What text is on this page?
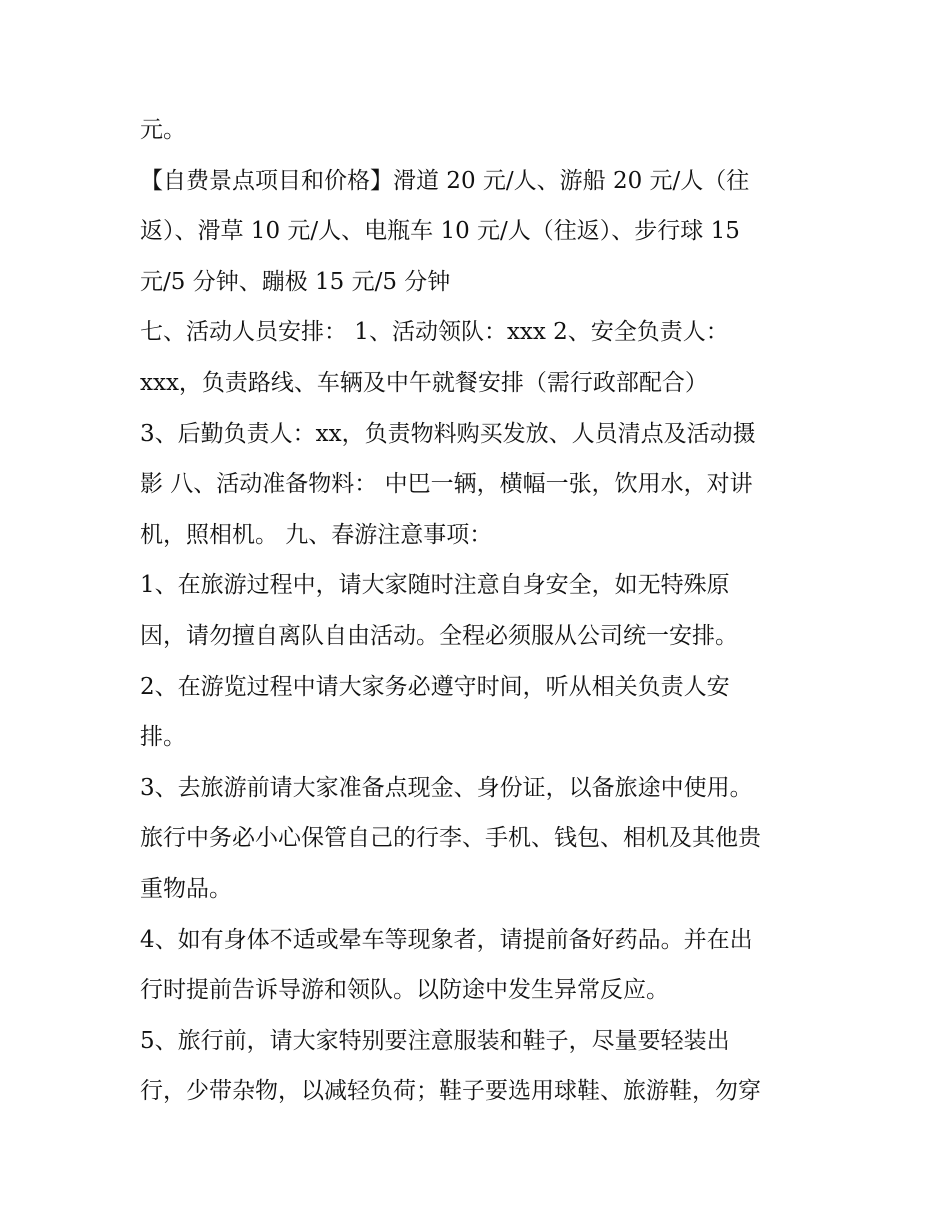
元。
【自费景点项目和价格】滑道 20 元/人、游船 20 元/人（往
返）、滑草 10 元/人、电瓶车 10 元/人（往返）、步行球 15
元/5 分钟、蹦极 15 元/5 分钟
七、活动人员安排： 1、活动领队：xxx 2、安全负责人：
xxx，负责路线、车辆及中午就餐安排（需行政部配合）
3、后勤负责人：xx，负责物料购买发放、人员清点及活动摄
影 八、活动准备物料： 中巴一辆，横幅一张，饮用水，对讲
机，照相机。 九、春游注意事项：
1、在旅游过程中，请大家随时注意自身安全，如无特殊原
因，请勿擅自离队自由活动。全程必须服从公司统一安排。
2、在游览过程中请大家务必遵守时间，听从相关负责人安
排。
3、去旅游前请大家准备点现金、身份证，以备旅途中使用。
旅行中务必小心保管自己的行李、手机、钱包、相机及其他贵
重物品。
4、如有身体不适或晕车等现象者，请提前备好药品。并在出
行时提前告诉导游和领队。以防途中发生异常反应。
5、旅行前，请大家特别要注意服装和鞋子，尽量要轻装出
行，少带杂物，以减轻负荷；鞋子要选用球鞋、旅游鞋，勿穿
